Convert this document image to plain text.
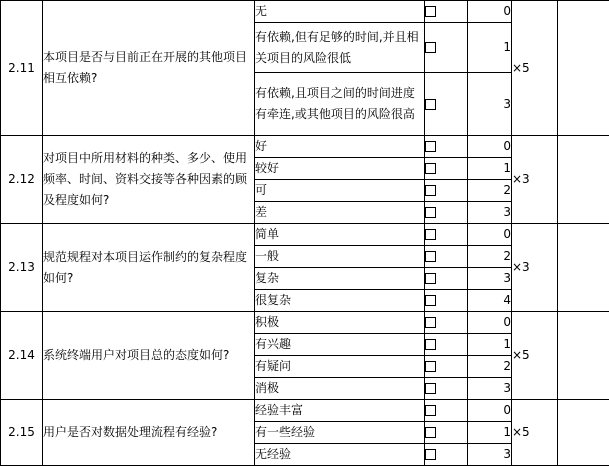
2.11	本项目是否与目前正在开展的其他项目相互依赖?	无		0	×5	
		有依赖,但有足够的时间,并且相关项目的风险很低		1		
		有依赖,且项目之间的时间进度有牵连,或其他项目的风险很高		3		
2.12	对项目中所用材料的种类、多少、使用频率、时间、资料交接等各种因素的顾及程度如何?	好		0	×3	
		较好		1		
		可		2		
		差		3		
2.13	规范规程对本项目运作制约的复杂程度如何?	简单		0	×3	
		一般		2		
		复杂		3		
		很复杂		4		
2.14	系统终端用户对项目总的态度如何?	积极		0	×5	
		有兴趣		1		
		有疑问		2		
		消极		3		
2.15	用户是否对数据处理流程有经验?	经验丰富		0	×5	
		有一些经验		1		
		无经验		3		
